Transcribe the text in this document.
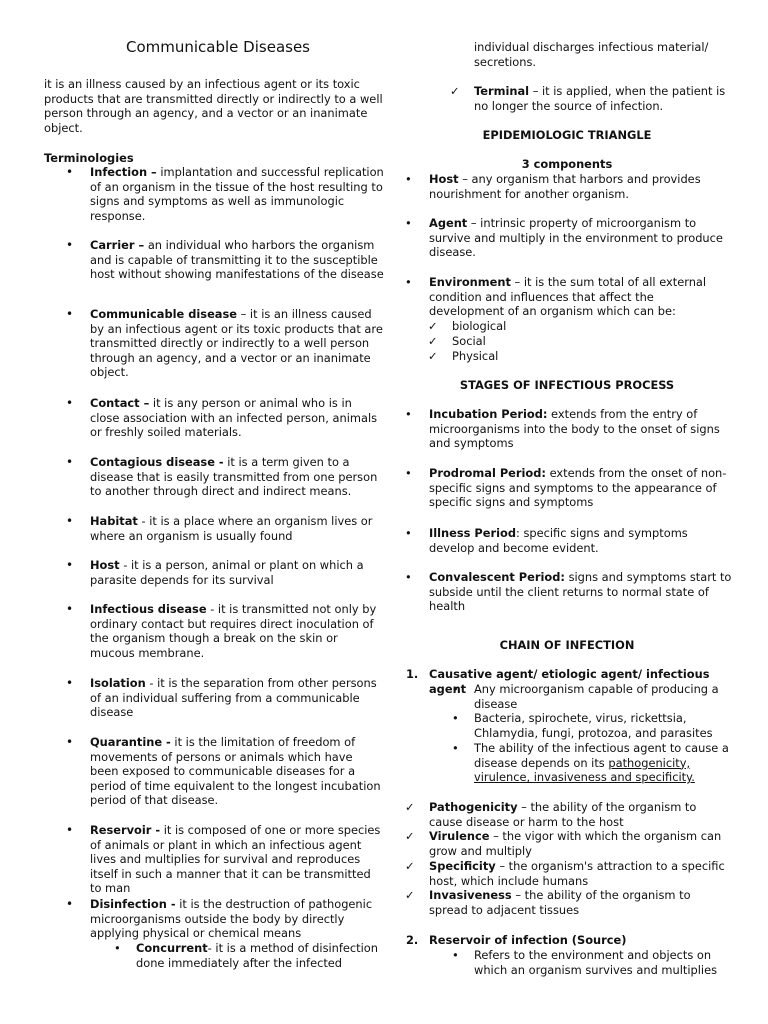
Communicable Diseases
it is an illness caused by an infectious agent or its toxic products that are transmitted directly or indirectly to a well person through an agency, and a vector or an inanimate object.
Terminologies
• Infection – implantation and successful replication of an organism in the tissue of the host resulting to signs and symptoms as well as immunologic response.
• Carrier – an individual who harbors the organism and is capable of transmitting it to the susceptible host without showing manifestations of the disease
• Communicable disease – it is an illness caused by an infectious agent or its toxic products that are transmitted directly or indirectly to a well person through an agency, and a vector or an inanimate object.
• Contact – it is any person or animal who is in close association with an infected person, animals or freshly soiled materials.
• Contagious disease - it is a term given to a disease that is easily transmitted from one person to another through direct and indirect means.
• Habitat - it is a place where an organism lives or where an organism is usually found
• Host - it is a person, animal or plant on which a parasite depends for its survival
• Infectious disease - it is transmitted not only by ordinary contact but requires direct inoculation of the organism though a break on the skin or mucous membrane.
• Isolation - it is the separation from other persons of an individual suffering from a communicable disease
• Quarantine - it is the limitation of freedom of movements of persons or animals which have been exposed to communicable diseases for a period of time equivalent to the longest incubation period of that disease.
• Reservoir - it is composed of one or more species of animals or plant in which an infectious agent lives and multiplies for survival and reproduces itself in such a manner that it can be transmitted to man
• Disinfection - it is the destruction of pathogenic microorganisms outside the body by directly applying physical or chemical means
• Concurrent- it is a method of disinfection done immediately after the infected
individual discharges infectious material/ secretions.
✓ Terminal – it is applied, when the patient is no longer the source of infection.
EPIDEMIOLOGIC TRIANGLE
3 components
• Host – any organism that harbors and provides nourishment for another organism.
• Agent – intrinsic property of microorganism to survive and multiply in the environment to produce disease.
• Environment – it is the sum total of all external condition and influences that affect the development of an organism which can be:
✓ biological
✓ Social
✓ Physical
STAGES OF INFECTIOUS PROCESS
• Incubation Period: extends from the entry of microorganisms into the body to the onset of signs and symptoms
• Prodromal Period: extends from the onset of non-specific signs and symptoms to the appearance of specific signs and symptoms
• Illness Period: specific signs and symptoms develop and become evident.
• Convalescent Period: signs and symptoms start to subside until the client returns to normal state of health
CHAIN OF INFECTION
1. Causative agent/ etiologic agent/ infectious agent
• Any microorganism capable of producing a disease
• Bacteria, spirochete, virus, rickettsia, Chlamydia, fungi, protozoa, and parasites
• The ability of the infectious agent to cause a disease depends on its pathogenicity, virulence, invasiveness and specificity.
✓ Pathogenicity – the ability of the organism to cause disease or harm to the host
✓ Virulence – the vigor with which the organism can grow and multiply
✓ Specificity – the organism's attraction to a specific host, which include humans
✓ Invasiveness – the ability of the organism to spread to adjacent tissues
2. Reservoir of infection (Source)
• Refers to the environment and objects on which an organism survives and multiplies
